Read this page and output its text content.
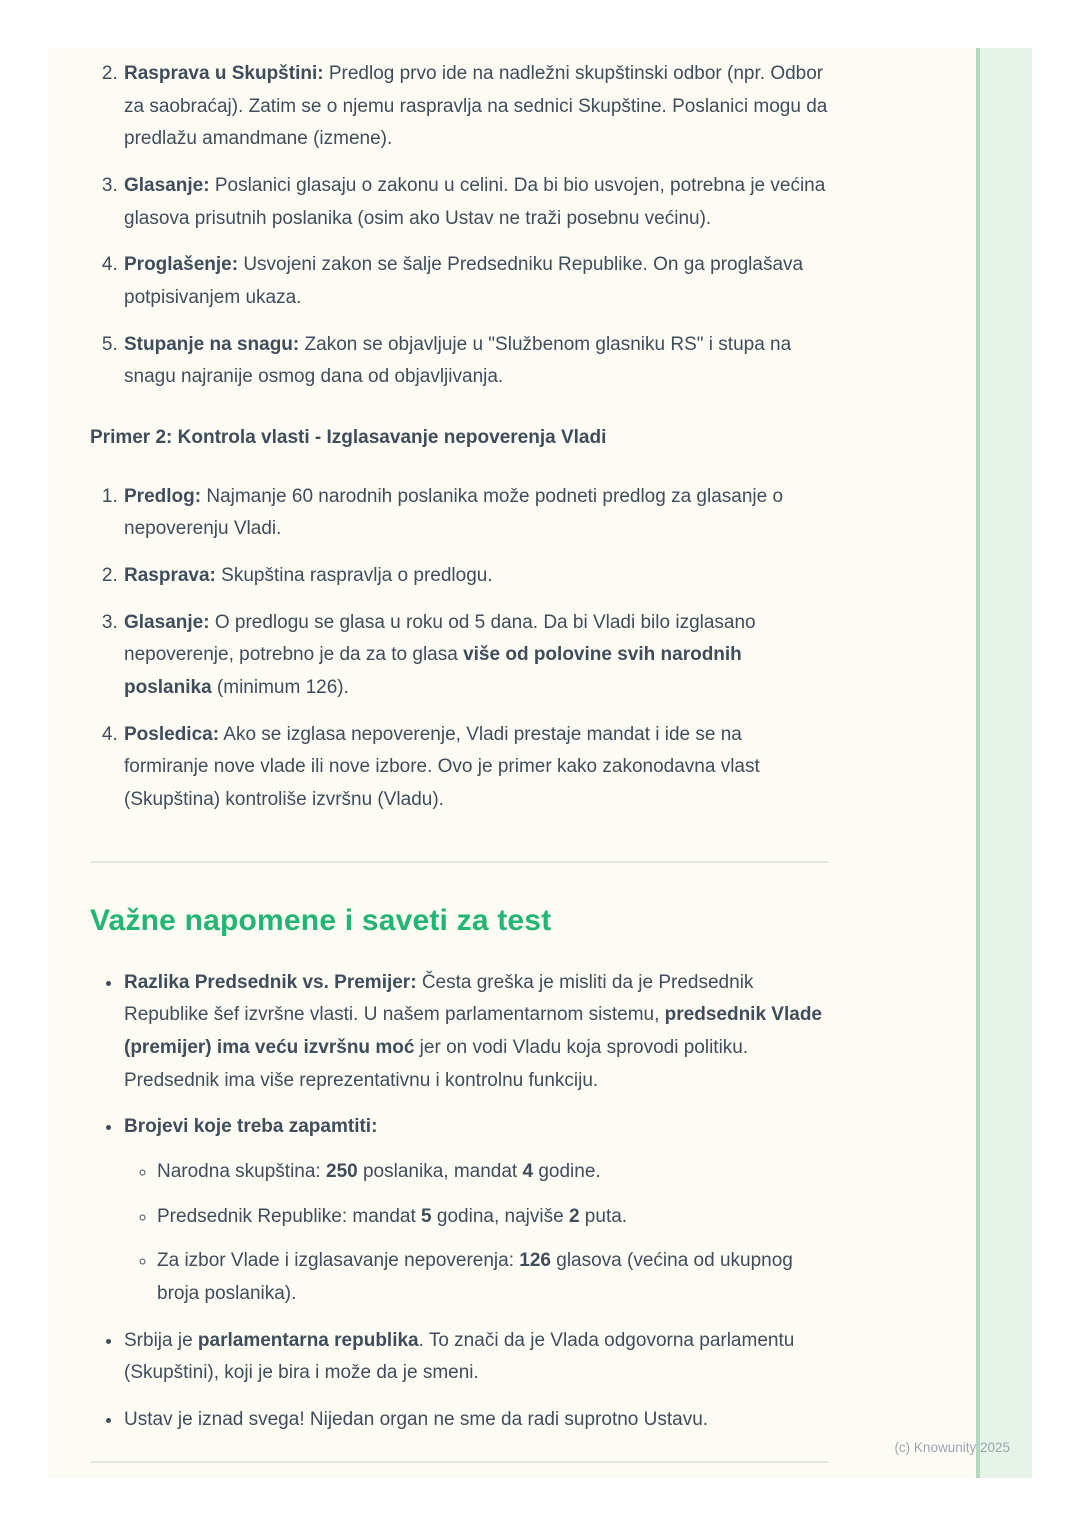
2. Rasprava u Skupštini: Predlog prvo ide na nadležni skupštinski odbor (npr. Odbor za saobraćaj). Zatim se o njemu raspravlja na sednici Skupštine. Poslanici mogu da predlažu amandmane (izmene).
3. Glasanje: Poslanici glasaju o zakonu u celini. Da bi bio usvojen, potrebna je većina glasova prisutnih poslanika (osim ako Ustav ne traži posebnu većinu).
4. Proglašenje: Usvojeni zakon se šalje Predsedniku Republike. On ga proglašava potpisivanjem ukaza.
5. Stupanje na snagu: Zakon se objavljuje u "Službenom glasniku RS" i stupa na snagu najranije osmog dana od objavljivanja.

Primer 2: Kontrola vlasti - Izglasavanje nepoverenja Vladi

1. Predlog: Najmanje 60 narodnih poslanika može podneti predlog za glasanje o nepoverenju Vladi.
2. Rasprava: Skupština raspravlja o predlogu.
3. Glasanje: O predlogu se glasa u roku od 5 dana. Da bi Vladi bilo izglasano nepoverenje, potrebno je da za to glasa više od polovine svih narodnih poslanika (minimum 126).
4. Posledica: Ako se izglasa nepoverenje, Vladi prestaje mandat i ide se na formiranje nove vlade ili nove izbore. Ovo je primer kako zakonodavna vlast (Skupština) kontroliše izvršnu (Vladu).
Važne napomene i saveti za test
• Razlika Predsednik vs. Premijer: Česta greška je misliti da je Predsednik Republike šef izvršne vlasti. U našem parlamentarnom sistemu, predsednik Vlade (premijer) ima veću izvršnu moć jer on vodi Vladu koja sprovodi politiku. Predsednik ima više reprezentativnu i kontrolnu funkciju.
• Brojevi koje treba zapamtiti:
◦ Narodna skupština: 250 poslanika, mandat 4 godine.
◦ Predsednik Republike: mandat 5 godina, najviše 2 puta.
◦ Za izbor Vlade i izglasavanje nepoverenja: 126 glasova (većina od ukupnog broja poslanika).
• Srbija je parlamentarna republika. To znači da je Vlada odgovorna parlamentu (Skupštini), koji je bira i može da je smeni.
• Ustav je iznad svega! Nijedan organ ne sme da radi suprotno Ustavu.
(c) Knowunity 2025
